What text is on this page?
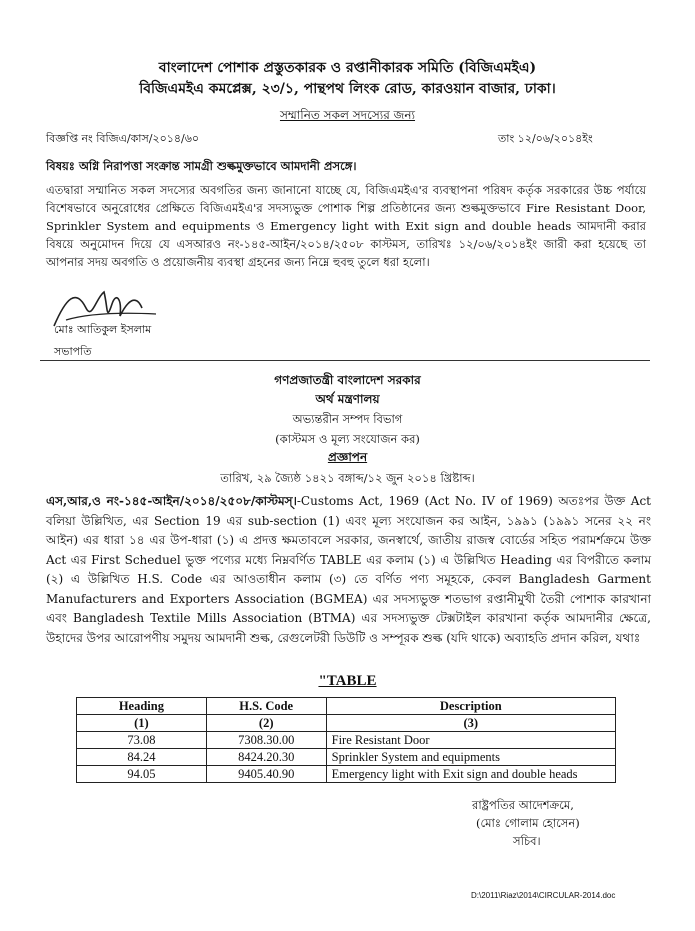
বাংলাদেশ পোশাক প্রস্তুতকারক ও রপ্তানীকারক সমিতি (বিজিএমইএ)
বিজিএমইএ কমপ্লেক্স, ২৩/১, পান্থপথ লিংক রোড, কারওয়ান বাজার, ঢাকা।
সম্মানিত সকল সদস্যের জন্য
বিজ্ঞপ্তি নং বিজিএ/কাস/২০১৪/৬০	তাং ১২/০৬/২০১৪ইং
বিষয়ঃ অগ্নি নিরাপত্তা সংক্রান্ত সামগ্রী শুল্কমুক্তভাবে আমদানী প্রসঙ্গে।

এতদ্বারা সম্মানিত সকল সদস্যের অবগতির জন্য জানানো যাচ্ছে যে, বিজিএমইএ'র ব্যবস্থাপনা পরিষদ কর্তৃক সরকারের উচ্চ পর্যায়ে বিশেষভাবে অনুরোধের প্রেক্ষিতে বিজিএমইএ'র সদস্যভুক্ত পোশাক শিল্প প্রতিষ্ঠানের জন্য শুল্কমুক্তভাবে Fire Resistant Door, Sprinkler System and equipments ও Emergency light with Exit sign and double heads আমদানী করার বিষয়ে অনুমোদন দিয়ে যে এসআরও নং-১৪৫-আইন/২০১৪/২৫০৮ কাস্টমস, তারিখঃ ১২/০৬/২০১৪ইং জারী করা হয়েছে তা আপনার সদয় অবগতি ও প্রয়োজনীয় ব্যবস্থা গ্রহনের জন্য নিম্নে হুবহু তুলে ধরা হলো।

মোঃ আতিকুল ইসলাম
সভাপতি
গণপ্রজাতন্ত্রী বাংলাদেশ সরকার
অর্থ মন্ত্রণালয়
অভ্যন্তরীন সম্পদ বিভাগ
(কাস্টমস ও মূল্য সংযোজন কর)
প্রজ্ঞাপন
তারিখ, ২৯ জ্যৈষ্ঠ ১৪২১ বঙ্গাব্দ/১২ জুন ২০১৪ খ্রিষ্টাব্দ।

এস,আর,ও নং-১৪৫-আইন/২০১৪/২৫০৮/কাস্টমস্‌।-Customs Act, 1969 (Act No. IV of 1969) অতঃপর উক্ত Act বলিয়া উল্লিখিত, এর Section 19 এর sub-section (1) এবং মূল্য সংযোজন কর আইন, ১৯৯১ (১৯৯১ সনের ২২ নং আইন) এর ধারা ১৪ এর উপ-ধারা (১) এ প্রদত্ত ক্ষমতাবলে সরকার, জনস্বার্থে, জাতীয় রাজস্ব বোর্ডের সহিত পরামর্শক্রমে উক্ত Act এর First Scheduel ভুক্ত পণ্যের মধ্যে নিম্নবর্ণিত TABLE এর কলাম (১) এ উল্লিখিত Heading এর বিপরীতে কলাম (২) এ উল্লিখিত H.S. Code এর আওতাধীন কলাম (৩) তে বর্ণিত পণ্য সমূহকে, কেবল Bangladesh Garment Manufacturers and Exporters Association (BGMEA) এর সদস্যভুক্ত শতভাগ রপ্তানীমুখী তৈরী পোশাক কারখানা এবং Bangladesh Textile Mills Association (BTMA) এর সদস্যভুক্ত টেক্সটাইল কারখানা কর্তৃক আমদানীর ক্ষেত্রে, উহাদের উপর আরোপণীয় সমুদয় আমদানী শুল্ক, রেগুলেটরী ডিউটি ও সম্পূরক শুল্ক (যদি থাকে) অব্যাহতি প্রদান করিল, যথাঃ

"TABLE
Heading	H.S. Code	Description
(1)	(2)	(3)
73.08	7308.30.00	Fire Resistant Door
84.24	8424.20.30	Sprinkler System and equipments
94.05	9405.40.90	Emergency light with Exit sign and double heads
রাষ্ট্রপতির আদেশক্রমে,
(মোঃ গোলাম হোসেন)
সচিব।
D:\2011\Riaz\2014\CIRCULAR-2014.doc
